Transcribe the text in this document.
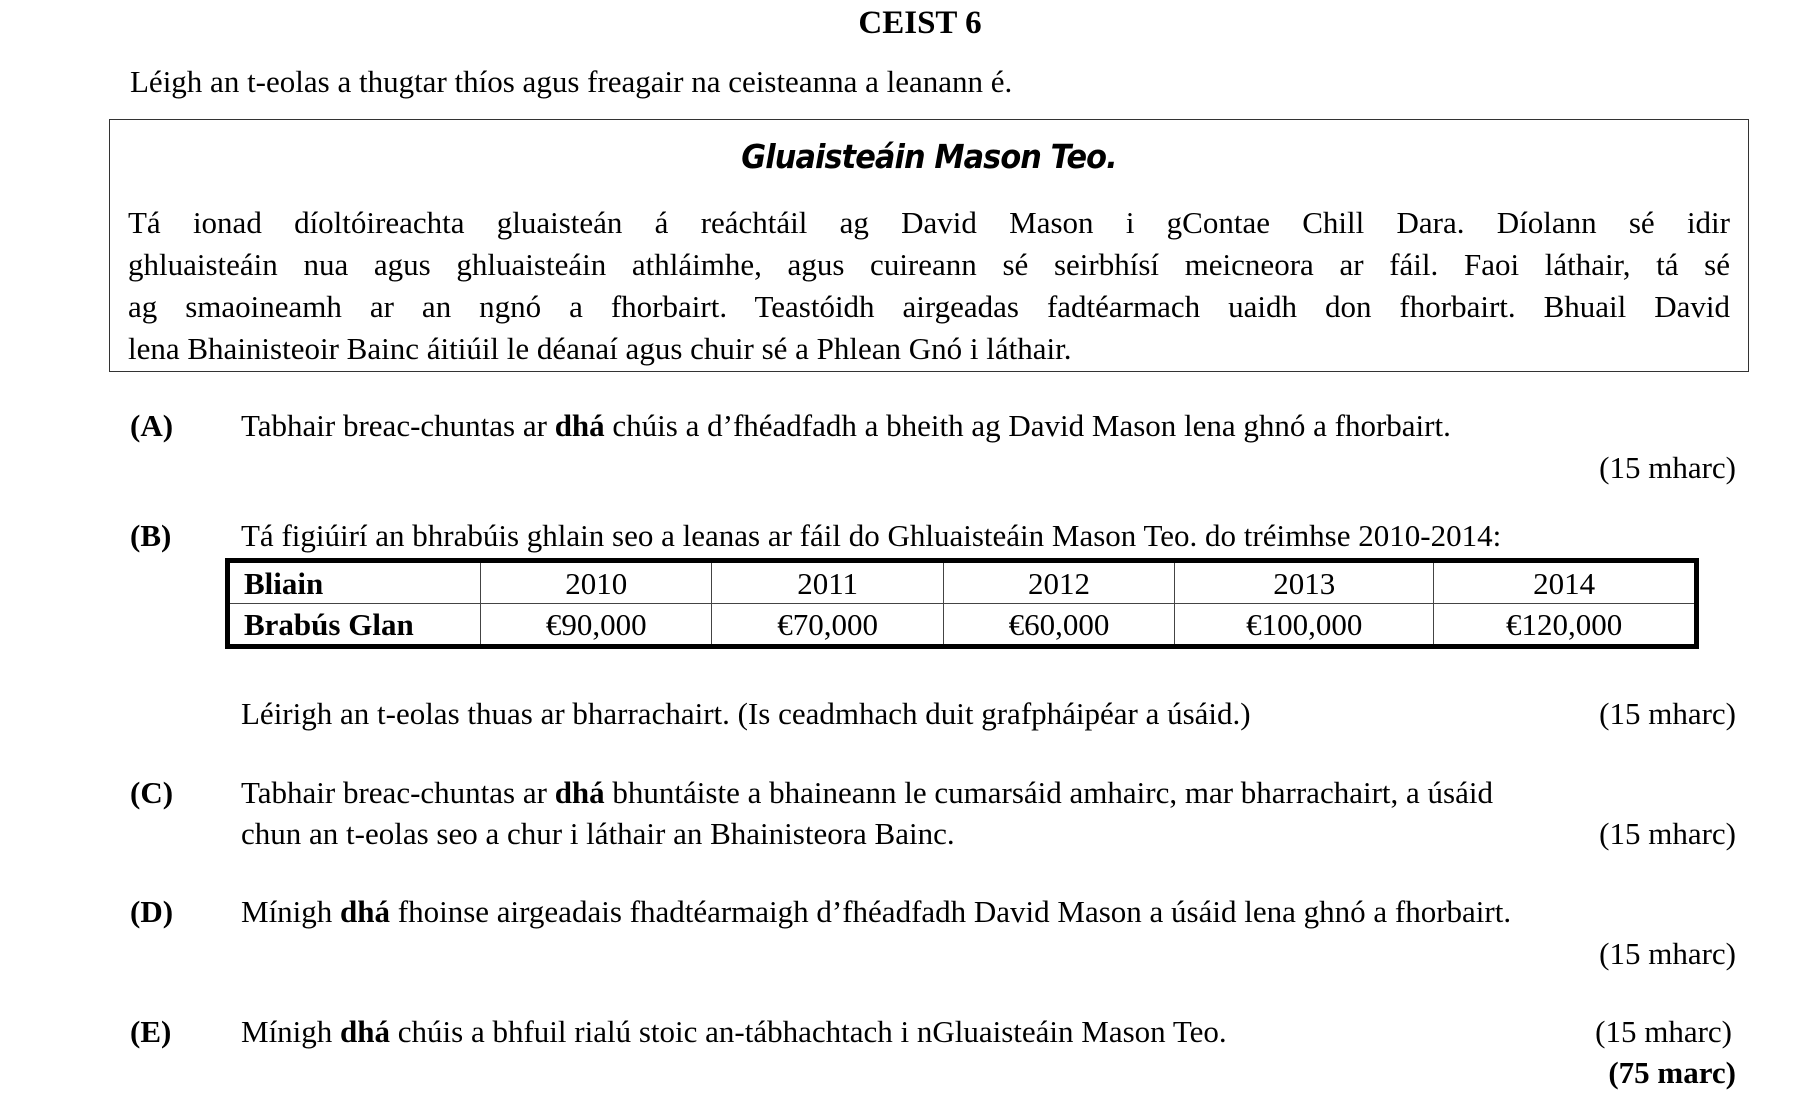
CEIST 6
Léigh an t-eolas a thugtar thíos agus freagair na ceisteanna a leanann é.
Gluaisteáin Mason Teo.
Tá ionad díoltóireachta gluaisteán á reáchtáil ag David Mason i gContae Chill Dara. Díolann sé idir
ghluaisteáin nua agus ghluaisteáin athláimhe, agus cuireann sé seirbhísí meicneora ar fáil. Faoi láthair, tá sé
ag smaoineamh ar an ngnó a fhorbairt. Teastóidh airgeadas fadtéarmach uaidh don fhorbairt. Bhuail David
lena Bhainisteoir Bainc áitiúil le déanaí agus chuir sé a Phlean Gnó i láthair.
(A) Tabhair breac-chuntas ar dhá chúis a d’fhéadfadh a bheith ag David Mason lena ghnó a fhorbairt.
(15 mharc)
(B) Tá figiúirí an bhrabúis ghlain seo a leanas ar fáil do Ghluaisteáin Mason Teo. do tréimhse 2010-2014:
Bliain	2010	2011	2012	2013	2014
Brabús Glan	€90,000	€70,000	€60,000	€100,000	€120,000
Léirigh an t-eolas thuas ar bharrachairt. (Is ceadmhach duit grafpháipéar a úsáid.)	(15 mharc)
(C) Tabhair breac-chuntas ar dhá bhuntáiste a bhaineann le cumarsáid amhairc, mar bharrachairt, a úsáid
chun an t-eolas seo a chur i láthair an Bhainisteora Bainc.	(15 mharc)
(D) Mínigh dhá fhoinse airgeadais fhadtéarmaigh d’fhéadfadh David Mason a úsáid lena ghnó a fhorbairt.
(15 mharc)
(E) Mínigh dhá chúis a bhfuil rialú stoic an-tábhachtach i nGluaisteáin Mason Teo.	(15 mharc)
(75 marc)
